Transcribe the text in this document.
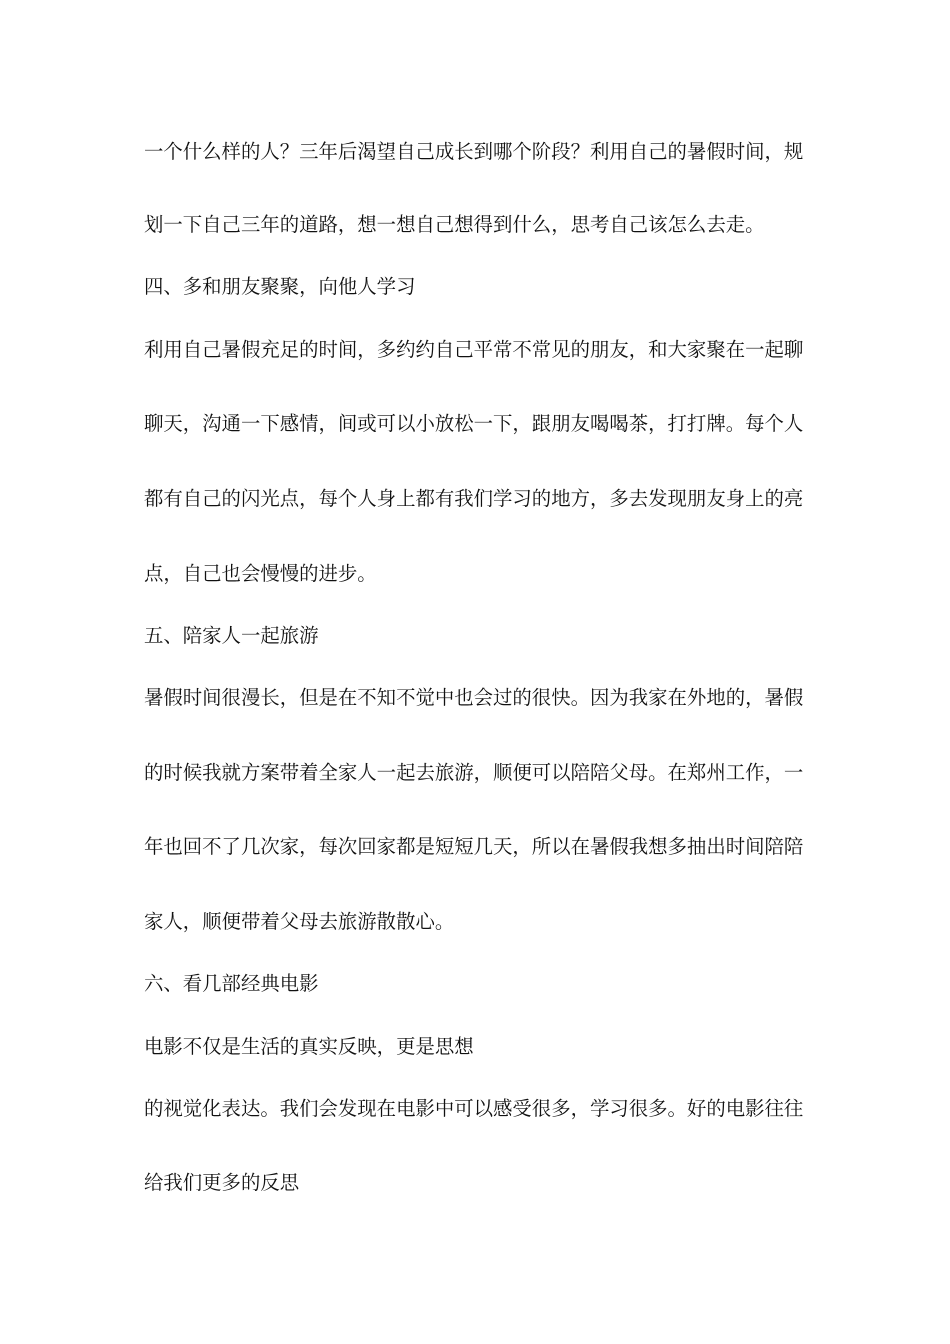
一个什么样的人？三年后渴望自己成长到哪个阶段？利用自己的暑假时间，规
划一下自己三年的道路，想一想自己想得到什么，思考自己该怎么去走。
四、多和朋友聚聚，向他人学习
利用自己暑假充足的时间，多约约自己平常不常见的朋友，和大家聚在一起聊
聊天，沟通一下感情，间或可以小放松一下，跟朋友喝喝茶，打打牌。每个人
都有自己的闪光点，每个人身上都有我们学习的地方，多去发现朋友身上的亮
点，自己也会慢慢的进步。
五、陪家人一起旅游
暑假时间很漫长，但是在不知不觉中也会过的很快。因为我家在外地的，暑假
的时候我就方案带着全家人一起去旅游，顺便可以陪陪父母。在郑州工作，一
年也回不了几次家，每次回家都是短短几天，所以在暑假我想多抽出时间陪陪
家人，顺便带着父母去旅游散散心。
六、看几部经典电影
电影不仅是生活的真实反映，更是思想
的视觉化表达。我们会发现在电影中可以感受很多，学习很多。好的电影往往
给我们更多的反思
